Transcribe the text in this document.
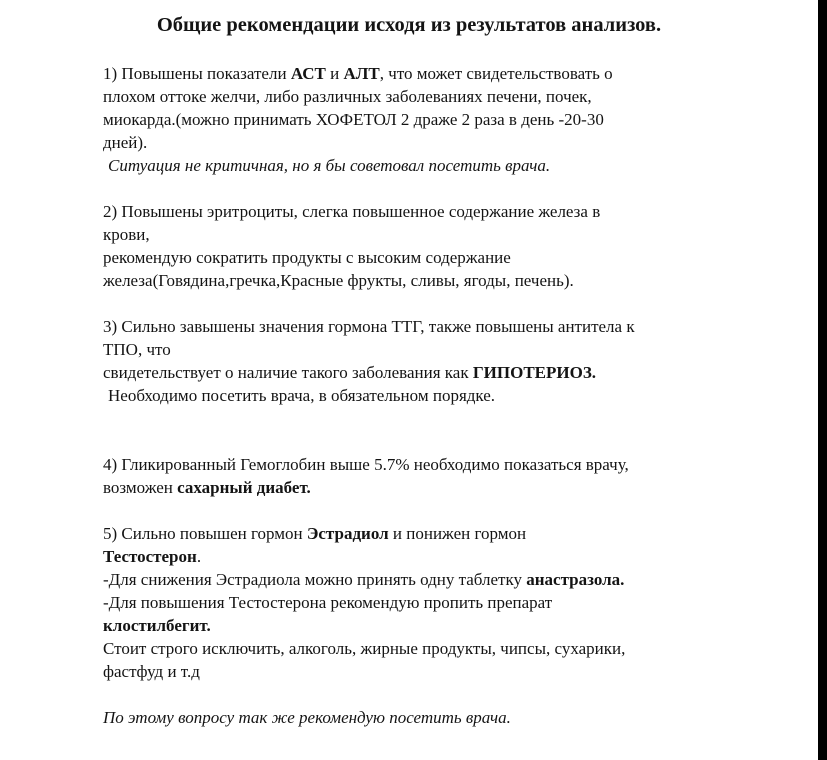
Общие рекомендации исходя из результатов анализов.
1) Повышены показатели АСТ и АЛТ, что может свидетельствовать о
плохом оттоке желчи, либо различных заболеваниях печени, почек,
миокарда.(можно принимать ХОФЕТОЛ 2 драже 2 раза в день -20-30
дней).
Ситуация не критичная, но я бы советовал посетить врача.
2) Повышены эритроциты, слегка повышенное содержание железа в
крови,
рекомендую сократить продукты с высоким содержание
железа(Говядина,гречка,Красные фрукты, сливы, ягоды, печень).
3) Сильно завышены значения гормона ТТГ, также повышены антитела к
ТПО, что
свидетельствует о наличие такого заболевания как ГИПОТЕРИОЗ.
Необходимо посетить врача, в обязательном порядке.
4) Гликированный Гемоглобин выше 5.7% необходимо показаться врачу,
возможен сахарный диабет.
5) Сильно повышен гормон Эстрадиол и понижен гормон
Тестостерон.
-Для снижения Эстрадиола можно принять одну таблетку анастразола.
-Для повышения Тестостерона рекомендую пропить препарат
клостилбегит.
Стоит строго исключить, алкоголь, жирные продукты, чипсы, сухарики,
фастфуд и т.д
По этому вопросу так же рекомендую посетить врача.
